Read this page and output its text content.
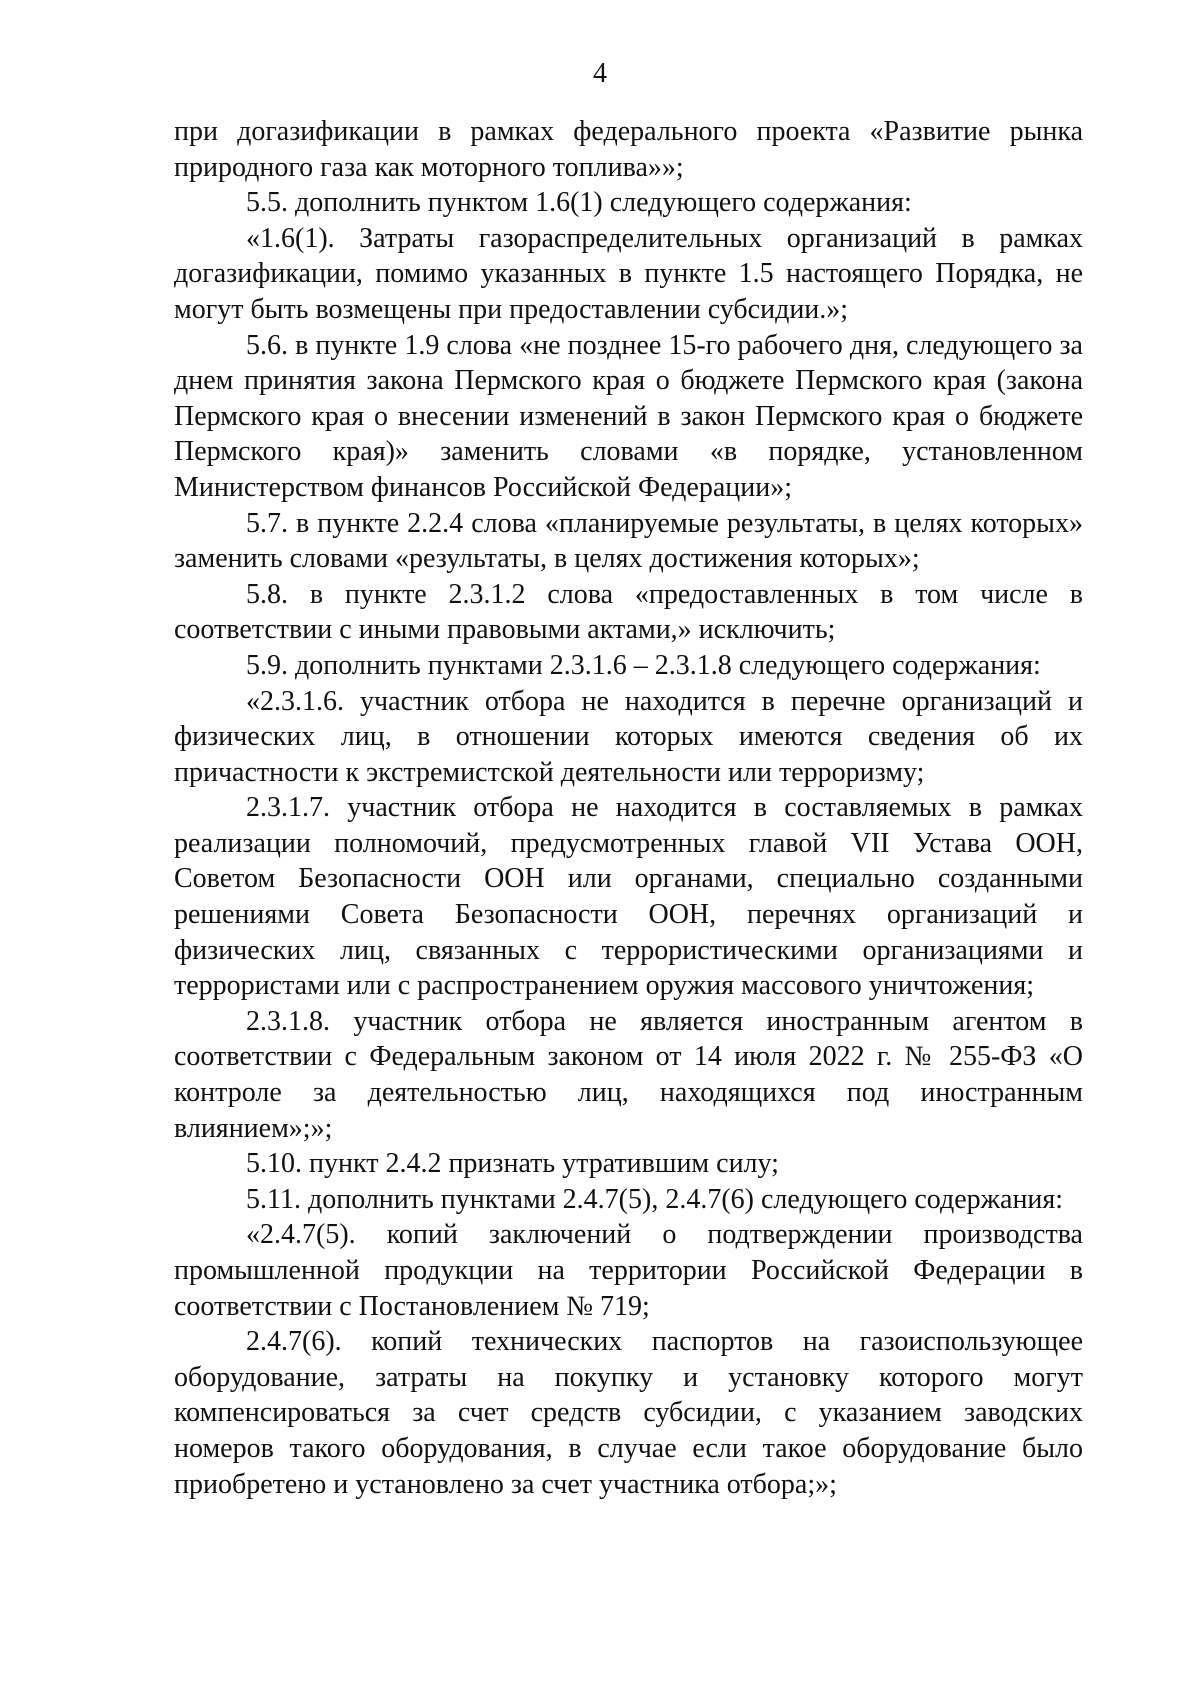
4

при догазификации в рамках федерального проекта «Развитие рынка природного газа как моторного топлива»»;

5.5. дополнить пунктом 1.6(1) следующего содержания:

«1.6(1). Затраты газораспределительных организаций в рамках догазификации, помимо указанных в пункте 1.5 настоящего Порядка, не могут быть возмещены при предоставлении субсидии.»;

5.6. в пункте 1.9 слова «не позднее 15-го рабочего дня, следующего за днем принятия закона Пермского края о бюджете Пермского края (закона Пермского края о внесении изменений в закон Пермского края о бюджете Пермского края)» заменить словами «в порядке, установленном Министерством финансов Российской Федерации»;

5.7. в пункте 2.2.4 слова «планируемые результаты, в целях которых» заменить словами «результаты, в целях достижения которых»;

5.8. в пункте 2.3.1.2 слова «предоставленных в том числе в соответствии с иными правовыми актами,» исключить;

5.9. дополнить пунктами 2.3.1.6 – 2.3.1.8 следующего содержания:

«2.3.1.6. участник отбора не находится в перечне организаций и физических лиц, в отношении которых имеются сведения об их причастности к экстремистской деятельности или терроризму;

2.3.1.7. участник отбора не находится в составляемых в рамках реализации полномочий, предусмотренных главой VII Устава ООН, Советом Безопасности ООН или органами, специально созданными решениями Совета Безопасности ООН, перечнях организаций и физических лиц, связанных с террористическими организациями и террористами или с распространением оружия массового уничтожения;

2.3.1.8. участник отбора не является иностранным агентом в соответствии с Федеральным законом от 14 июля 2022 г. № 255-ФЗ «О контроле за деятельностью лиц, находящихся под иностранным влиянием»;»;

5.10. пункт 2.4.2 признать утратившим силу;

5.11. дополнить пунктами 2.4.7(5), 2.4.7(6) следующего содержания:

«2.4.7(5). копий заключений о подтверждении производства промышленной продукции на территории Российской Федерации в соответствии с Постановлением № 719;

2.4.7(6). копий технических паспортов на газоиспользующее оборудование, затраты на покупку и установку которого могут компенсироваться за счет средств субсидии, с указанием заводских номеров такого оборудования, в случае если такое оборудование было приобретено и установлено за счет участника отбора;»;
